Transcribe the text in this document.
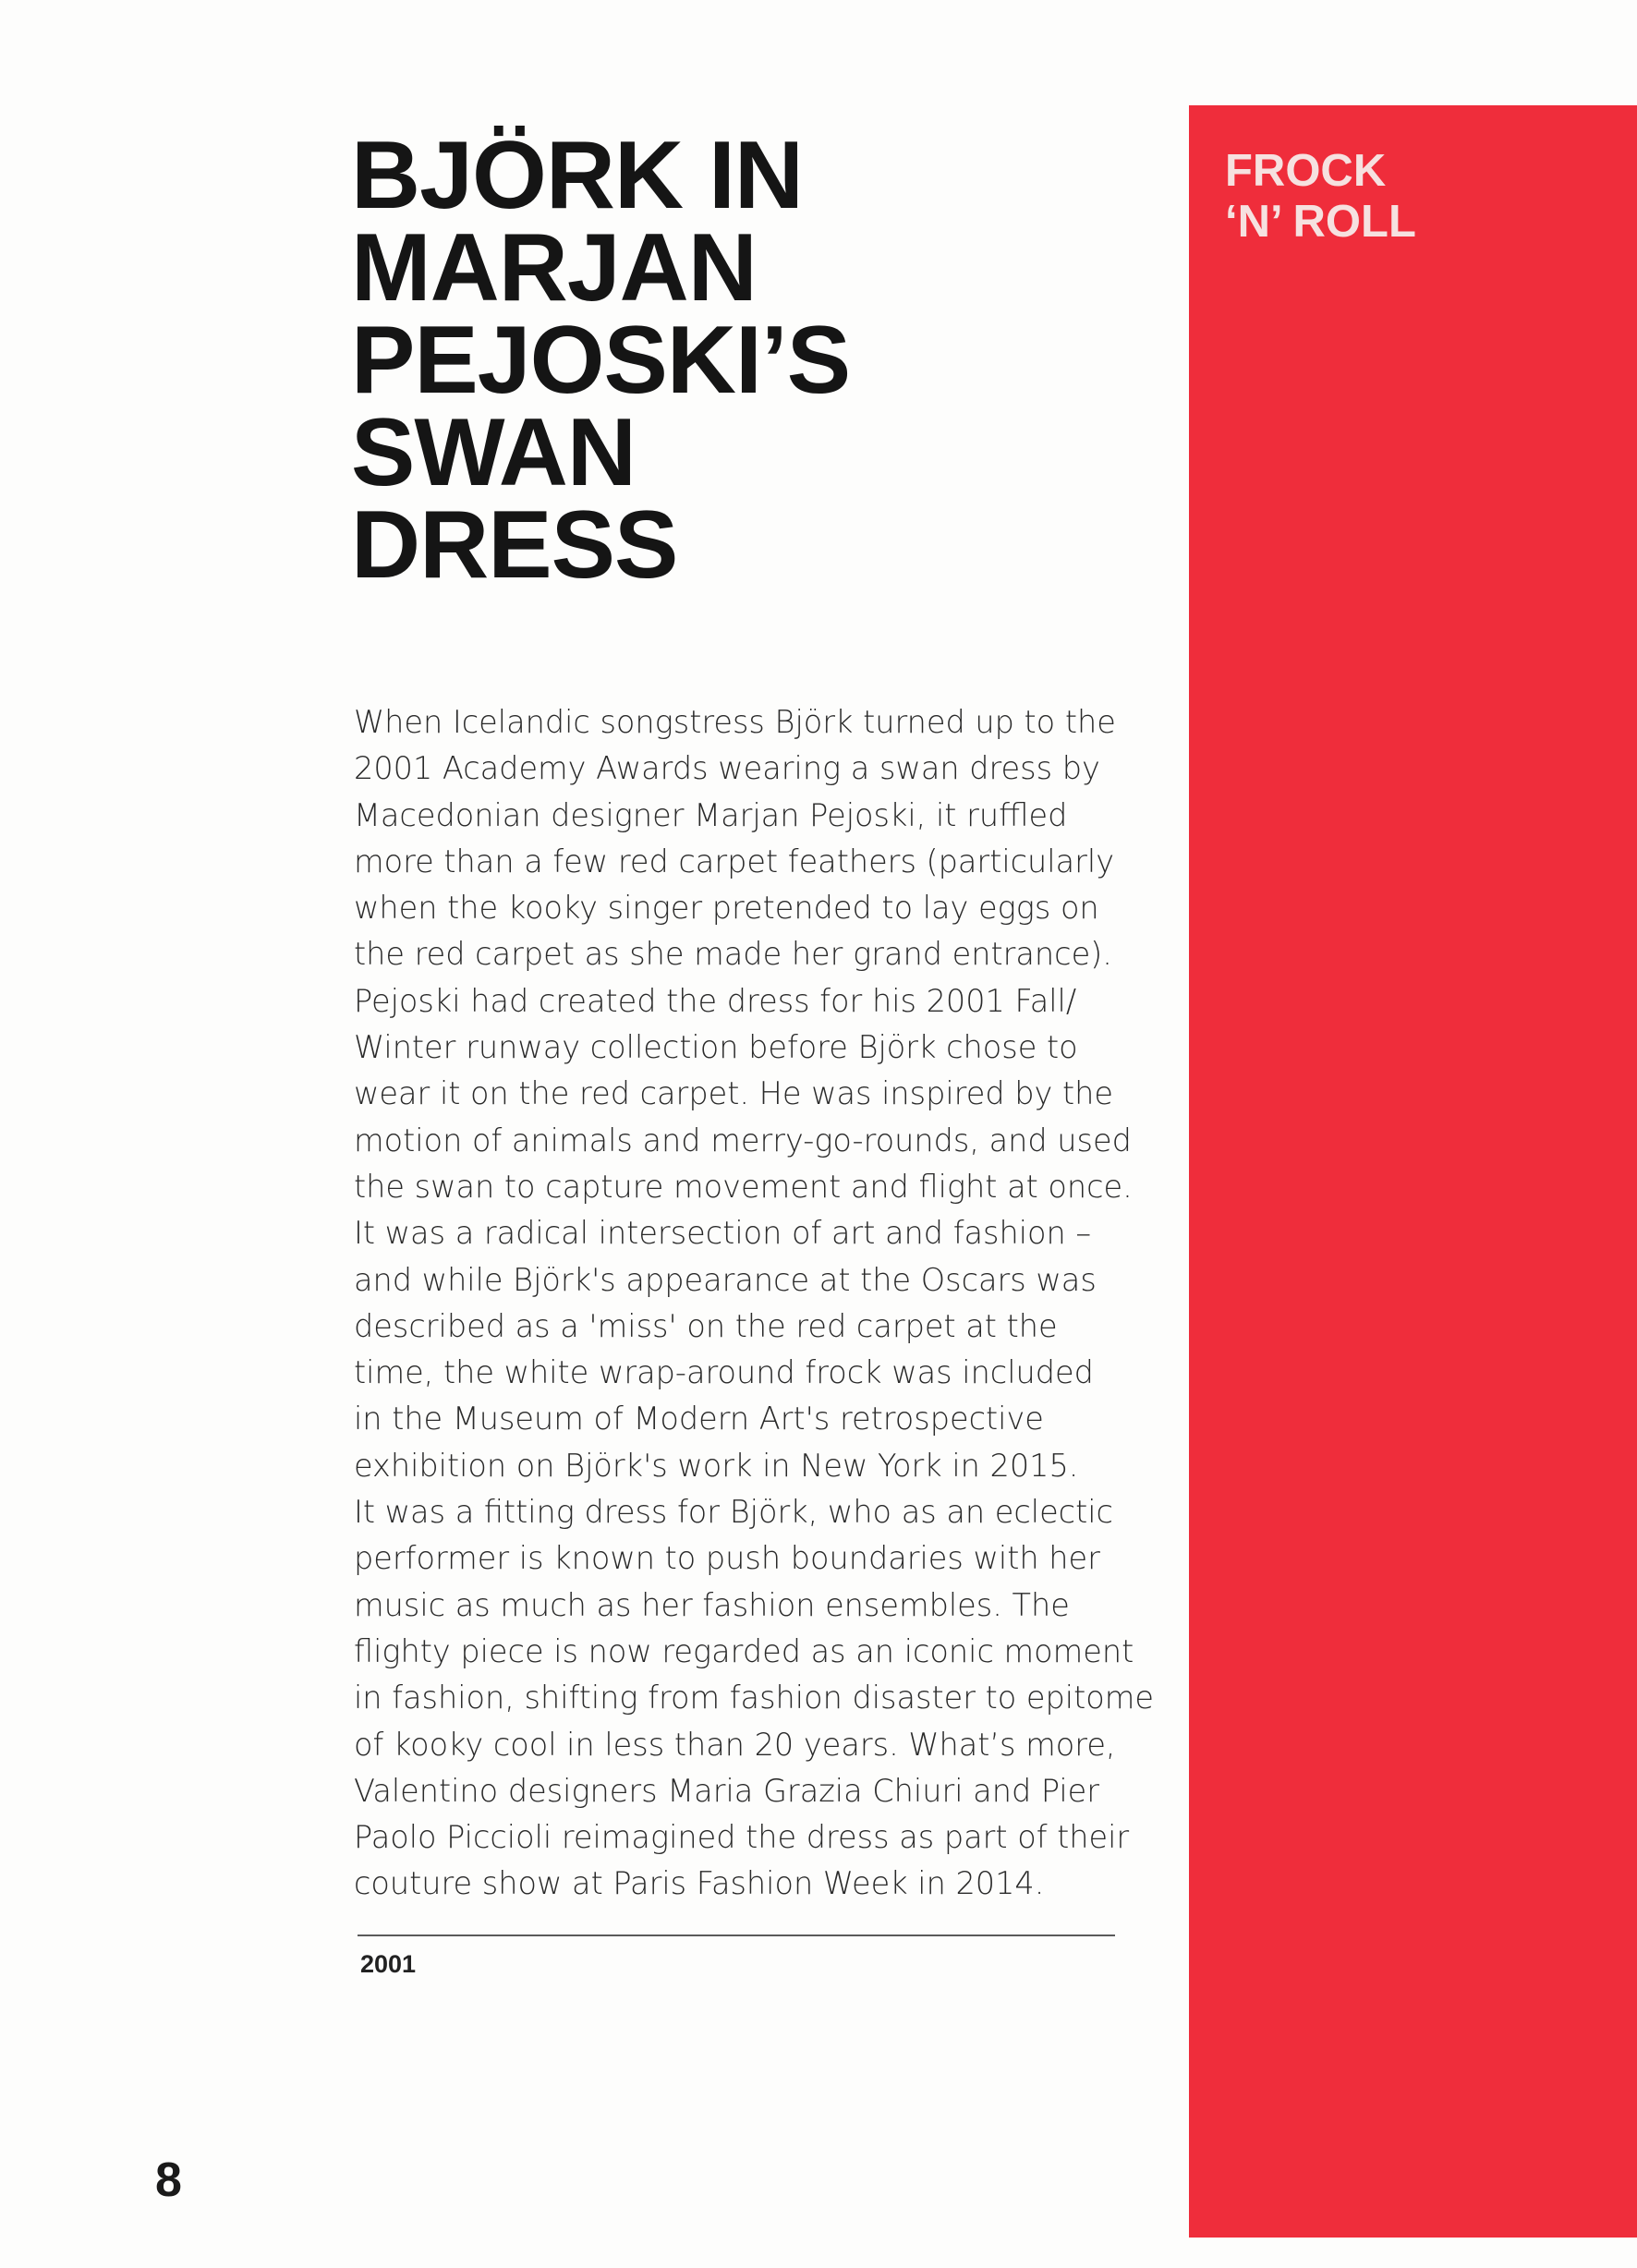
BJÖRK IN
MARJAN
PEJOSKI’S
SWAN
DRESS

When Icelandic songstress Björk turned up to the
2001 Academy Awards wearing a swan dress by
Macedonian designer Marjan Pejoski, it ruffled
more than a few red carpet feathers (particularly
when the kooky singer pretended to lay eggs on
the red carpet as she made her grand entrance).
Pejoski had created the dress for his 2001 Fall/
Winter runway collection before Björk chose to
wear it on the red carpet. He was inspired by the
motion of animals and merry-go-rounds, and used
the swan to capture movement and flight at once.
It was a radical intersection of art and fashion –
and while Björk's appearance at the Oscars was
described as a 'miss' on the red carpet at the
time, the white wrap-around frock was included
in the Museum of Modern Art's retrospective
exhibition on Björk's work in New York in 2015.
It was a fitting dress for Björk, who as an eclectic
performer is known to push boundaries with her
music as much as her fashion ensembles. The
flighty piece is now regarded as an iconic moment
in fashion, shifting from fashion disaster to epitome
of kooky cool in less than 20 years. What’s more,
Valentino designers Maria Grazia Chiuri and Pier
Paolo Piccioli reimagined the dress as part of their
couture show at Paris Fashion Week in 2014.

2001
8
FROCK
‘N’ ROLL
